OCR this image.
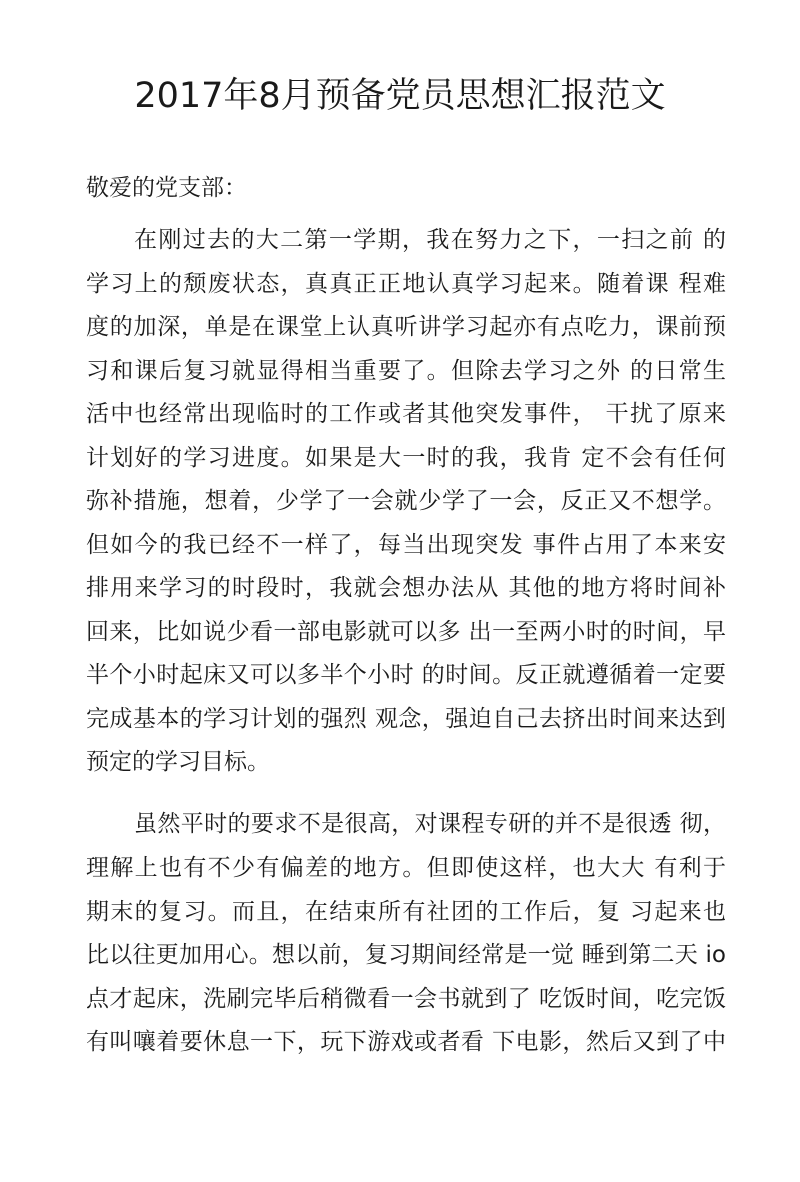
2017年8月预备党员思想汇报范文
敬爱的党支部：
在刚过去的大二第一学期，我在努力之下，一扫之前 的
学习上的颓废状态，真真正正地认真学习起来。随着课 程难
度的加深，单是在课堂上认真听讲学习起亦有点吃力，课前预
习和课后复习就显得相当重要了。但除去学习之外 的日常生
活中也经常出现临时的工作或者其他突发事件， 干扰了原来
计划好的学习进度。如果是大一时的我，我肯 定不会有任何
弥补措施，想着，少学了一会就少学了一会，反正又不想学。
但如今的我已经不一样了，每当出现突发 事件占用了本来安
排用来学习的时段时，我就会想办法从 其他的地方将时间补
回来，比如说少看一部电影就可以多 出一至两小时的时间，早
半个小时起床又可以多半个小时 的时间。反正就遵循着一定要
完成基本的学习计划的强烈 观念，强迫自己去挤出时间来达到
预定的学习目标。
虽然平时的要求不是很高，对课程专研的并不是很透 彻，
理解上也有不少有偏差的地方。但即使这样，也大大 有利于
期末的复习。而且，在结束所有社团的工作后，复 习起来也
比以往更加用心。想以前，复习期间经常是一觉 睡到第二天 io
点才起床，洗刷完毕后稍微看一会书就到了 吃饭时间，吃完饭
有叫嚷着要休息一下，玩下游戏或者看 下电影，然后又到了中
